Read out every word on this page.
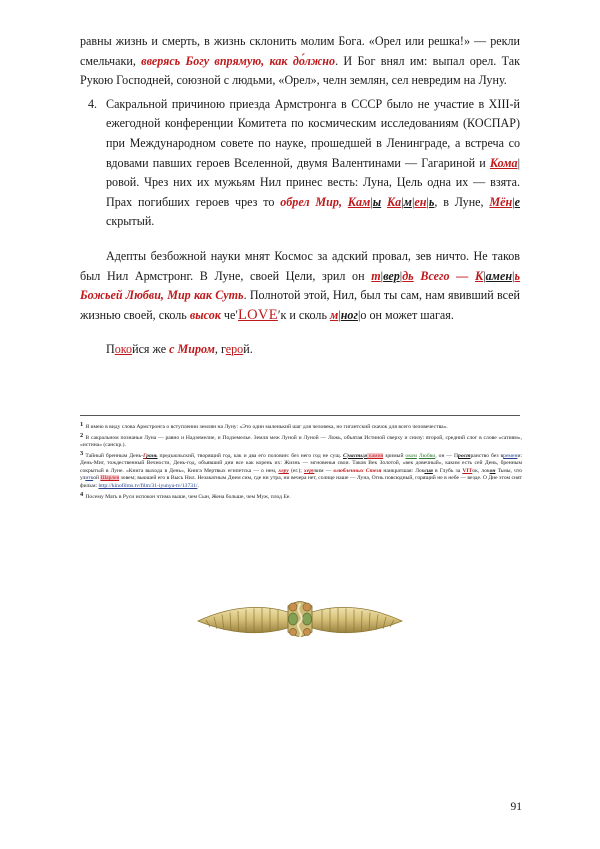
равны жизнь и смерть, в жизнь склонить молим Бога. «Орел или решка!» — рекли смельчаки, вверясь Богу впрямую, как до́лжно. И Бог внял им: выпал орел. Так Рукою Господней, союзной с людьми, «Орел», челн землян, сел невредим на Луну.

4. Сакральной причиною приезда Армстронга в СССР было не участие в XIII-й ежегодной конференции Комитета по космическим исследованиям (КОСПАР) при Международном совете по науке, прошедшей в Ленинграде, а встреча со вдовами павших героев Вселенной, двумя Валентинами — Гагариной и Кома|ровой. Чрез них их мужьям Нил принес весть: Луна, Цель одна их — взята. Прах погибших героев чрез то обрел Мир, Кам|ы Ка|м|ен|ь, в Луне, Мён|е скрытый.

Адепты безбожной науки мнят Космос за адский провал, зев ничто. Не таков был Нил Армстронг. В Луне, своей Цели, зрил он т|вер|дь Всего — К|амен|ь Божьей Любви, Мир как Суть. Полнотой этой, Нил, был ты сам, нам явивший всей жизнью своей, сколь высок че′LOVE′к и сколь м|ног|о он может шагая.

Покойся же с Миром, герой.

$^1$ Я имею в виду слова Армстронга о вступлении землян на Луну: «Это один маленький шаг для человека, но гигантский скачок для всего человечества».

$^2$ В сакральном познаньи Луна — равно и Надземелие, и Подземелье. Земля меж Луной и Луной — Ложь, объятая Истиной сверху и снизу: второй, средний слог в слове «сатиям», «истина» (санскр.).

$^3$ Тайный бренным День-Грань предъюльский, творящий год, как и два его половин: без него год не сущ. С|часть|я камня зримый оком Любви, он — Пространство без времени: День-Миг, тождественный Вечности, День-год, объявший дни все как корень их: Жизнь — мгновенья свои. Таков Век Золотой, «век довечный», каким есть сей День, бренным сокрытый в Луне. «Книга выхода в День», Книга Мертвых египетска — о нем, херу (ег.); херувим — влюбленных Стезя наикратшая: Локсия в Глубь за VITок, локон Тьмы, что улиткой Шарлея зовем; вьюшей его в Высь Нил. Незакатным Днем сим, где ни утра, ни вечера нет, солнце наше — Луна, Огнь повсюдный, горящий не в небе — везде. О Дне этом снят фильм: http://kinofilms.tv/film/31-iyunya-tv/13731/.

$^4$ Посему Мать в Руси испокон чтима выше, чем Сын, Жена больше, чем Муж, плод Ее.

91
